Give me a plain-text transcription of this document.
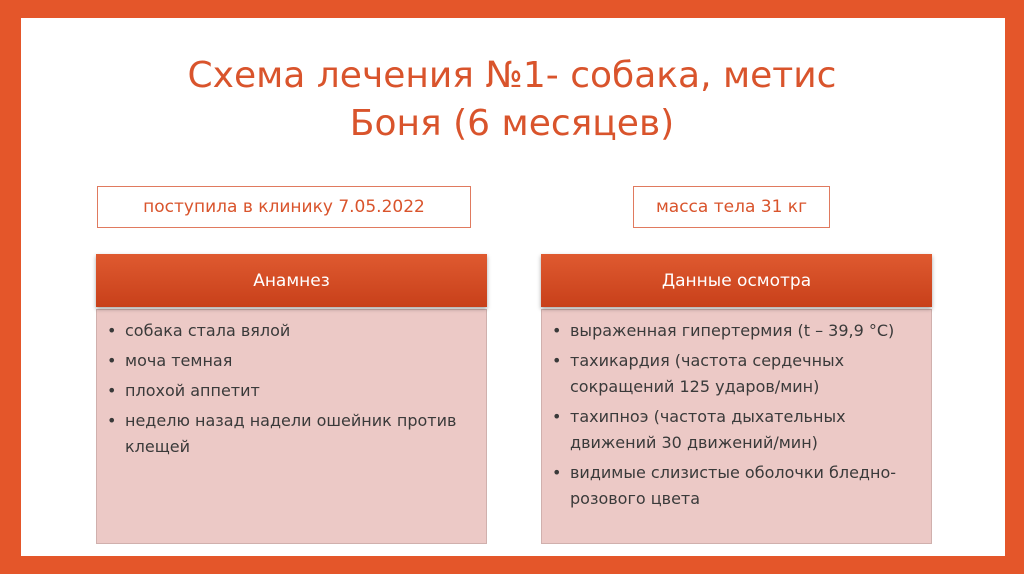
Схема лечения №1- собака, метис
Боня (6 месяцев)
поступила в клинику 7.05.2022	масса тела 31 кг
Анамнез
• собака стала вялой
• моча темная
• плохой аппетит
• неделю назад надели ошейник против клещей
Данные осмотра
• выраженная гипертермия (t – 39,9 °C)
• тахикардия (частота сердечных сокращений 125 ударов/мин)
• тахипноэ (частота дыхательных движений 30 движений/мин)
• видимые слизистые оболочки бледно-розового цвета
